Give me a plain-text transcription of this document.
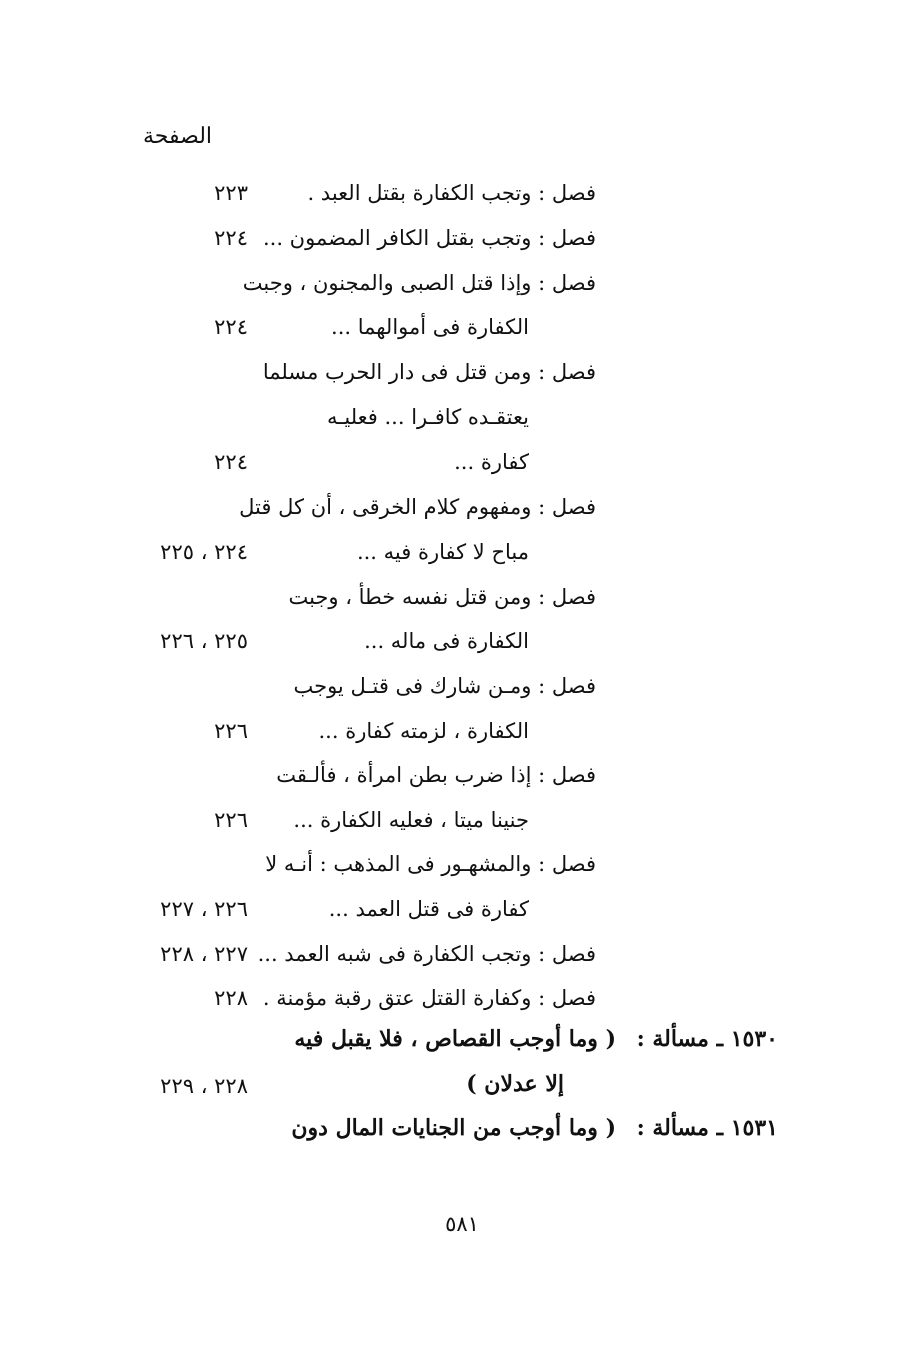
الصفحة
فصل : وتجب الكفارة بقتل العبد .
٢٢٣
فصل : وتجب بقتل الكافر المضمون ...
٢٢٤
فصل : وإذا قتل الصبى والمجنون ، وجبت
الكفارة فى أموالهما ...
٢٢٤
فصل : ومن قتل فى دار الحرب مسلما
يعتقـده كافـرا ... فعليـه
كفارة ...
٢٢٤
فصل : ومفهوم كلام الخرقى ، أن كل قتل
مباح لا كفارة فيه ...
٢٢٤ ، ٢٢٥
فصل : ومن قتل نفسه خطأ ، وجبت
الكفارة فى ماله ...
٢٢٥ ، ٢٢٦
فصل : ومـن شارك فى قتـل يوجب
الكفارة ، لزمته كفارة ...
٢٢٦
فصل : إذا ضرب بطن امرأة ، فألـقت
جنينا ميتا ، فعليه الكفارة ...
٢٢٦
فصل : والمشهـور فى المذهب : أنـه لا
كفارة فى قتل العمد ...
٢٢٦ ، ٢٢٧
فصل : وتجب الكفارة فى شبه العمد ...
٢٢٧ ، ٢٢٨
فصل : وكفارة القتل عتق رقبة مؤمنة .
٢٢٨
١٥٣٠ ـ مسألة :
( وما أوجب القصاص ، فلا يقبل فيه
إلا عدلان )
٢٢٨ ، ٢٢٩
١٥٣١ ـ مسألة :
( وما أوجب من الجنايات المال دون
٥٨١
